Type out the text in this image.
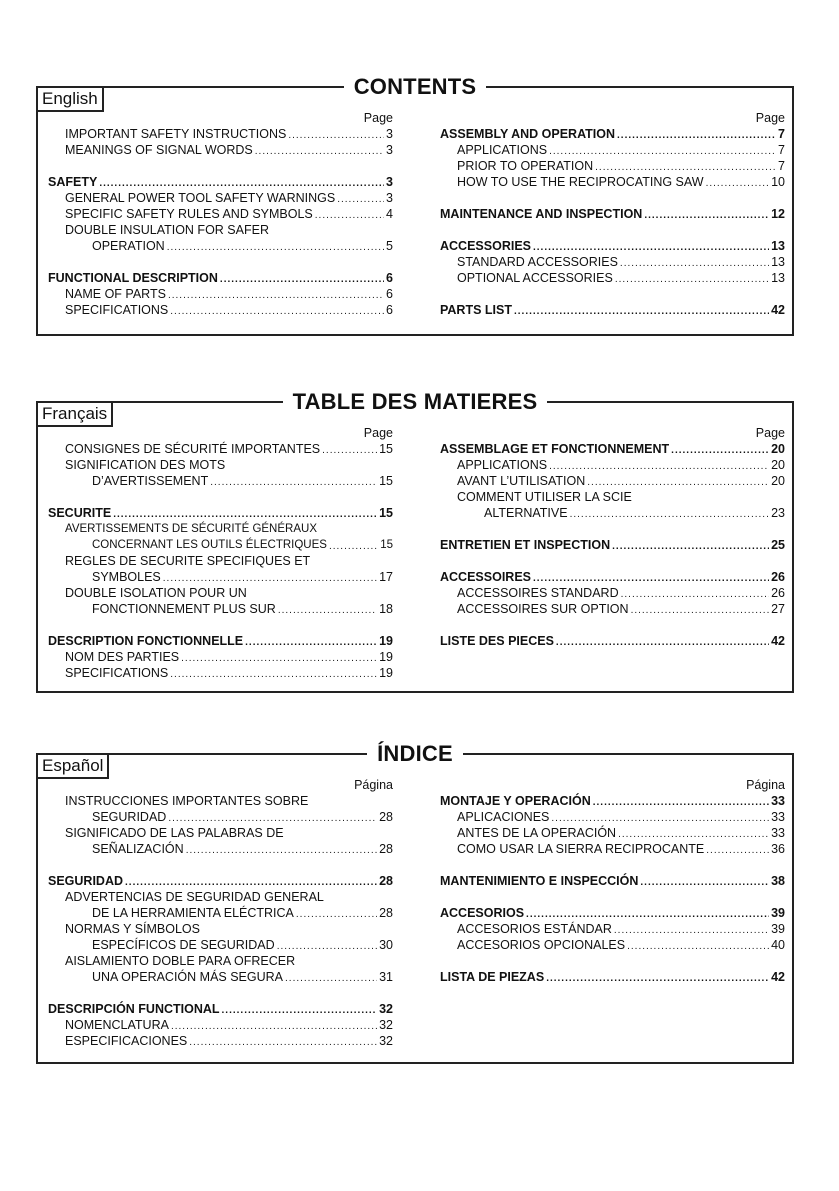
CONTENTS
English
Page
IMPORTANT SAFETY INSTRUCTIONS .....	3
MEANINGS OF SIGNAL WORDS .....	3
SAFETY .....	3
GENERAL POWER TOOL SAFETY WARNINGS .....	3
SPECIFIC SAFETY RULES AND SYMBOLS .....	4
DOUBLE INSULATION FOR SAFER
OPERATION .....	5
FUNCTIONAL DESCRIPTION .....	6
NAME OF PARTS .....	6
SPECIFICATIONS .....	6
Page
ASSEMBLY AND OPERATION .....	7
APPLICATIONS .....	7
PRIOR TO OPERATION .....	7
HOW TO USE THE RECIPROCATING SAW .....	10
MAINTENANCE AND INSPECTION .....	12
ACCESSORIES .....	13
STANDARD ACCESSORIES .....	13
OPTIONAL ACCESSORIES .....	13
PARTS LIST .....	42
TABLE DES MATIERES
Français
Page
CONSIGNES DE SÉCURITÉ IMPORTANTES .....	15
SIGNIFICATION DES MOTS
D’AVERTISSEMENT .....	15
SECURITE .....	15
AVERTISSEMENTS DE SÉCURITÉ GÉNÉRAUX
CONCERNANT LES OUTILS ÉLECTRIQUES .....	15
REGLES DE SECURITE SPECIFIQUES ET
SYMBOLES .....	17
DOUBLE ISOLATION POUR UN
FONCTIONNEMENT PLUS SUR .....	18
DESCRIPTION FONCTIONNELLE .....	19
NOM DES PARTIES .....	19
SPECIFICATIONS .....	19
Page
ASSEMBLAGE ET FONCTIONNEMENT .....	20
APPLICATIONS .....	20
AVANT L’UTILISATION .....	20
COMMENT UTILISER LA SCIE
ALTERNATIVE .....	23
ENTRETIEN ET INSPECTION .....	25
ACCESSOIRES .....	26
ACCESSOIRES STANDARD .....	26
ACCESSOIRES SUR OPTION .....	27
LISTE DES PIECES .....	42
ÍNDICE
Español
Página
INSTRUCCIONES IMPORTANTES SOBRE
SEGURIDAD .....	28
SIGNIFICADO DE LAS PALABRAS DE
SEÑALIZACIÓN .....	28
SEGURIDAD .....	28
ADVERTENCIAS DE SEGURIDAD GENERAL
DE LA HERRAMIENTA ELÉCTRICA .....	28
NORMAS Y SÍMBOLOS
ESPECÍFICOS DE SEGURIDAD .....	30
AISLAMIENTO DOBLE PARA OFRECER
UNA OPERACIÓN MÁS SEGURA .....	31
DESCRIPCIÓN FUNCTIONAL .....	32
NOMENCLATURA .....	32
ESPECIFICACIONES .....	32
Página
MONTAJE Y OPERACIÓN .....	33
APLICACIONES .....	33
ANTES DE LA OPERACIÓN .....	33
COMO USAR LA SIERRA RECIPROCANTE .....	36
MANTENIMIENTO E INSPECCIÓN .....	38
ACCESORIOS .....	39
ACCESORIOS ESTÁNDAR .....	39
ACCESORIOS OPCIONALES .....	40
LISTA DE PIEZAS .....	42
